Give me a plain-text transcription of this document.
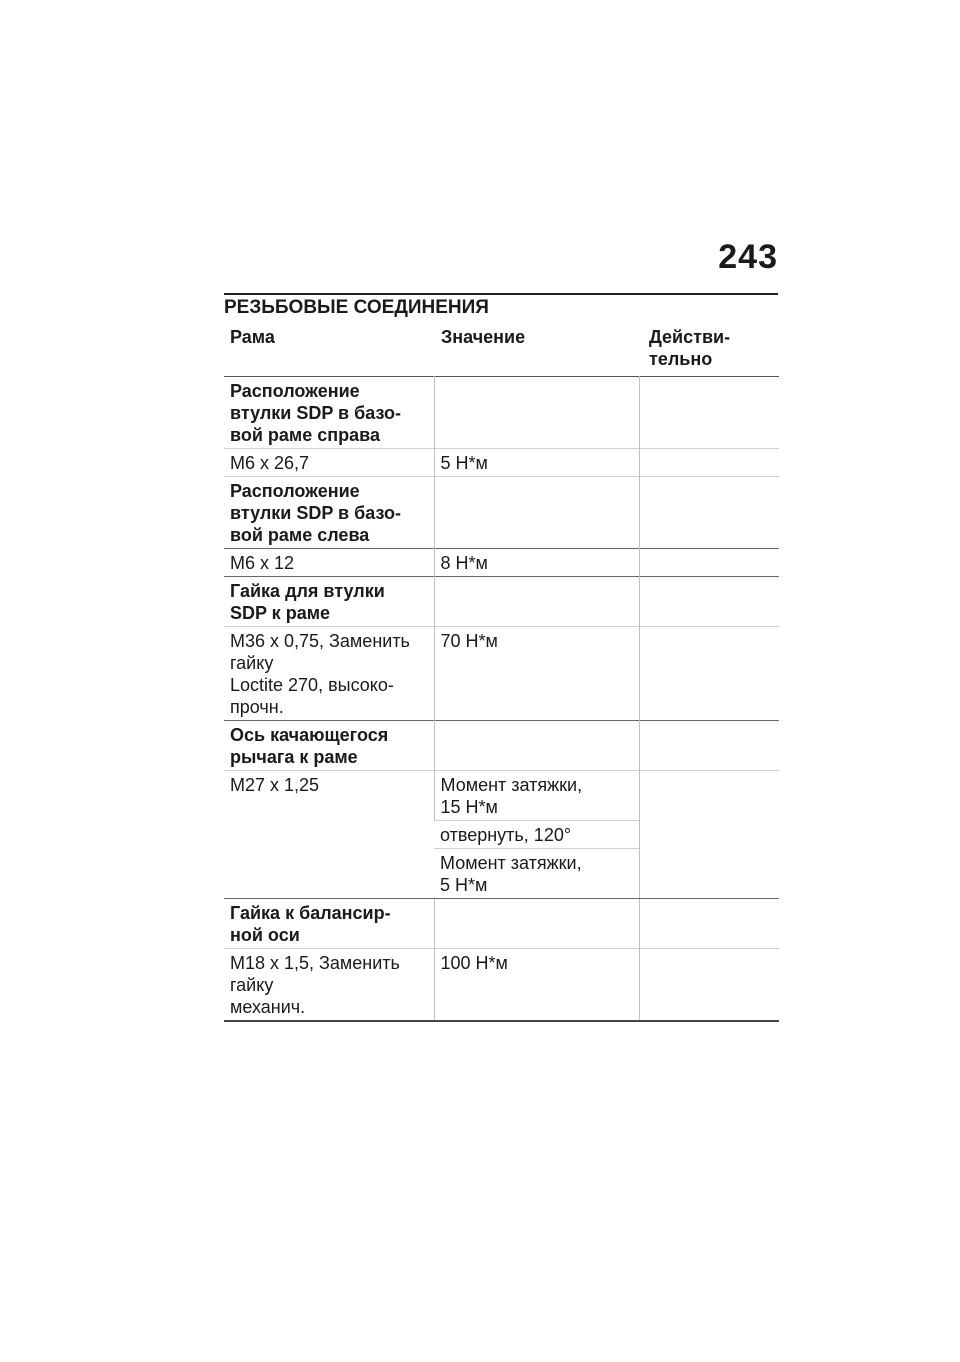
243
РЕЗЬБОВЫЕ СОЕДИНЕНИЯ
Рама	Значение	Действи-
тельно
Расположение
втулки SDP в базо-
вой раме справа		
M6 x 26,7	5 Н*м	
Расположение
втулки SDP в базо-
вой раме слева		
M6 x 12	8 Н*м	
Гайка для втулки
SDP к раме		
M36 x 0,75, Заменить
гайку
Loctite 270, высоко-
прочн.	70 Н*м	
Ось качающегося
рычага к раме		
M27 x 1,25	Момент затяжки,
15 Н*м	
	отвернуть, 120°	
	Момент затяжки,
5 Н*м	
Гайка к балансир-
ной оси		
M18 x 1,5, Заменить
гайку
механич.	100 Н*м	
